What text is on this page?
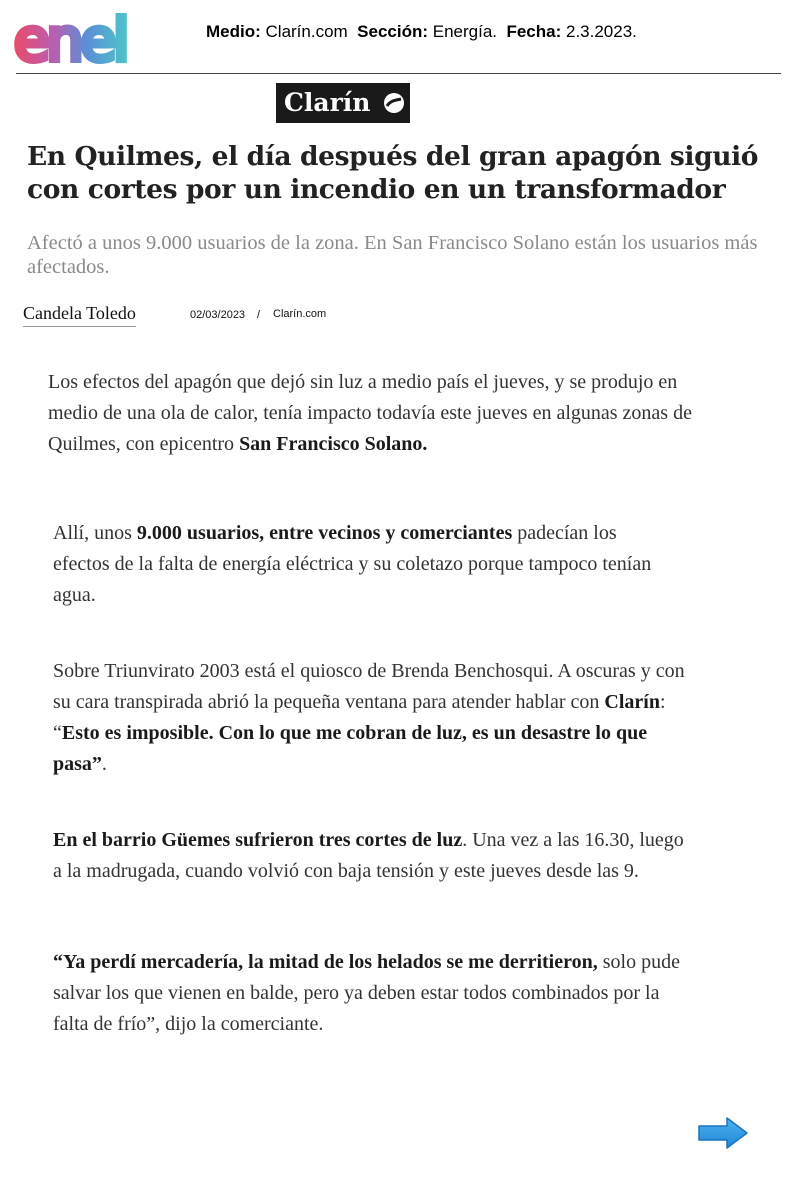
enel	Medio: Clarín.com Sección: Energía. Fecha: 2.3.2023.
Clarín
En Quilmes, el día después del gran apagón siguió con cortes por un incendio en un transformador

Afectó a unos 9.000 usuarios de la zona. En San Francisco Solano están los usuarios más afectados.

Candela Toledo	02/03/2023 / Clarín.com

Los efectos del apagón que dejó sin luz a medio país el jueves, y se produjo en medio de una ola de calor, tenía impacto todavía este jueves en algunas zonas de Quilmes, con epicentro San Francisco Solano.

Allí, unos 9.000 usuarios, entre vecinos y comerciantes padecían los efectos de la falta de energía eléctrica y su coletazo porque tampoco tenían agua.

Sobre Triunvirato 2003 está el quiosco de Brenda Benchosqui. A oscuras y con su cara transpirada abrió la pequeña ventana para atender hablar con Clarín: “Esto es imposible. Con lo que me cobran de luz, es un desastre lo que pasa”.

En el barrio Güemes sufrieron tres cortes de luz. Una vez a las 16.30, luego a la madrugada, cuando volvió con baja tensión y este jueves desde las 9.

“Ya perdí mercadería, la mitad de los helados se me derritieron, solo pude salvar los que vienen en balde, pero ya deben estar todos combinados por la falta de frío”, dijo la comerciante.
